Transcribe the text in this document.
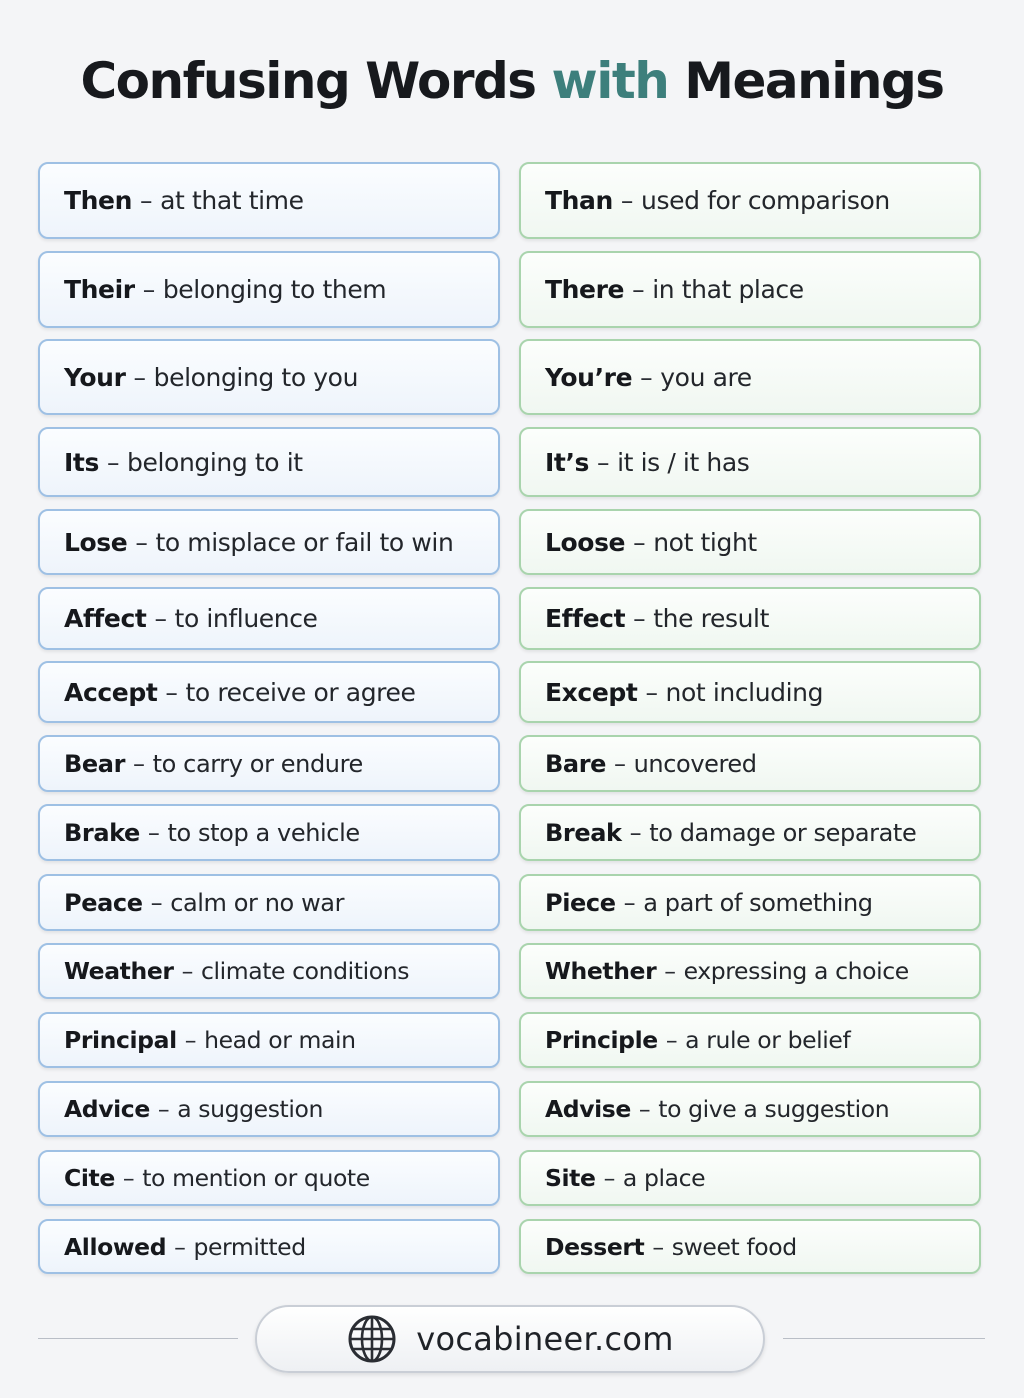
Confusing Words with Meanings
Then – at that time
Their – belonging to them
Your – belonging to you
Its – belonging to it
Lose – to misplace or fail to win
Affect – to influence
Accept – to receive or agree
Bear – to carry or endure
Brake – to stop a vehicle
Peace – calm or no war
Weather – climate conditions
Principal – head or main
Advice – a suggestion
Cite – to mention or quote
Allowed – permitted
Than – used for comparison
There – in that place
You’re – you are
It’s – it is / it has
Loose – not tight
Effect – the result
Except – not including
Bare – uncovered
Break – to damage or separate
Piece – a part of something
Whether – expressing a choice
Principle – a rule or belief
Advise – to give a suggestion
Site – a place
Dessert – sweet food
vocabineer.com
